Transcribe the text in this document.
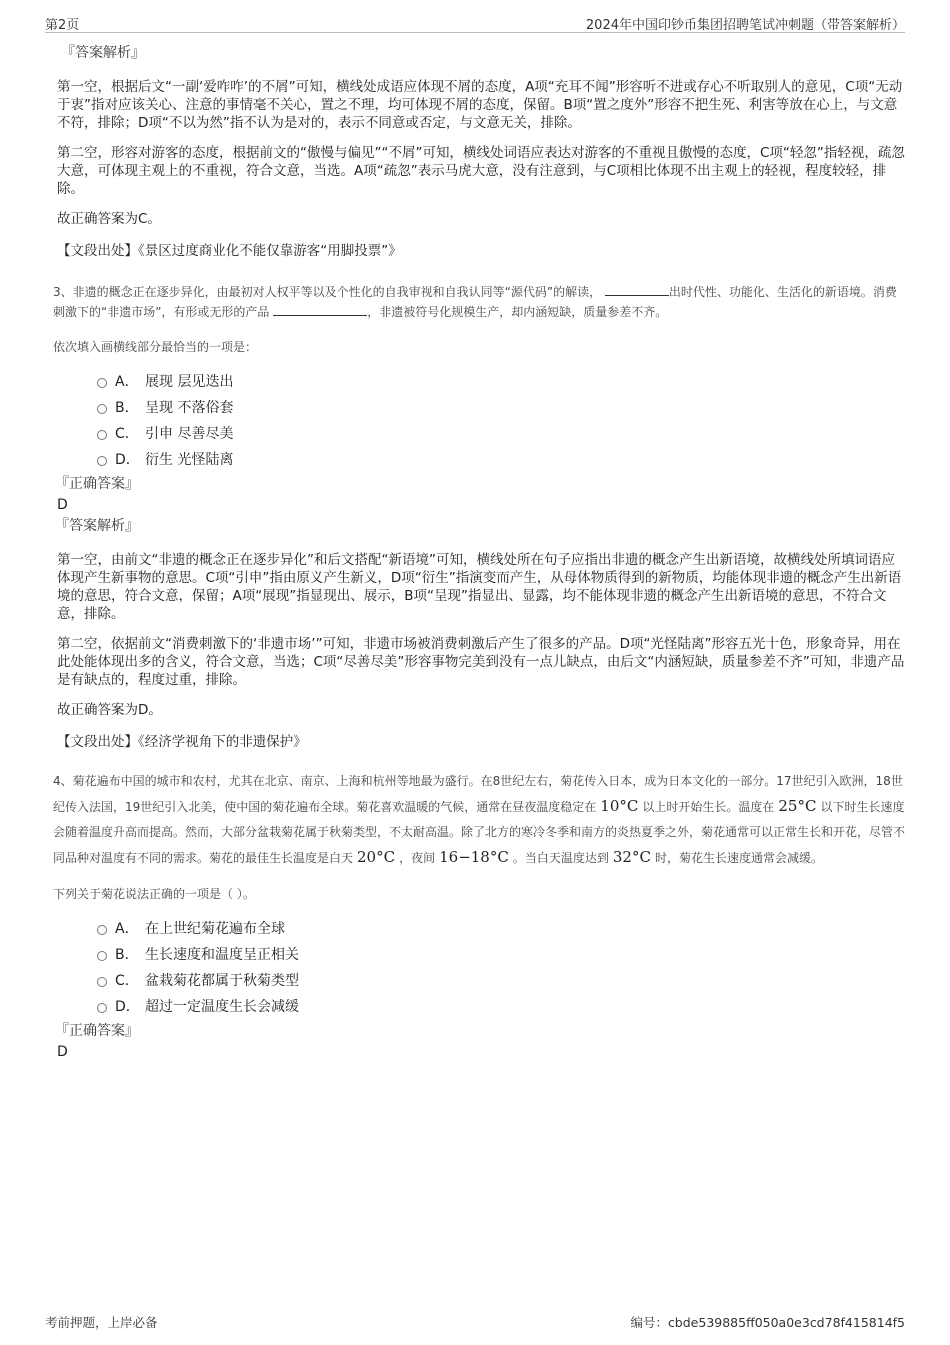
第2页	2024年中国印钞币集团招聘笔试冲刺题（带答案解析）
『答案解析』

第一空，根据后文“一副‘爱咋咋’的不屑”可知，横线处成语应体现不屑的态度，A项“充耳不闻”形容听不进或存心不听取别人的意见，C项“无动于衷”指对应该关心、注意的事情毫不关心，置之不理，均可体现不屑的态度，保留。B项“置之度外”形容不把生死、利害等放在心上，与文意不符，排除；D项“不以为然”指不认为是对的，表示不同意或否定，与文意无关，排除。

第二空，形容对游客的态度，根据前文的“傲慢与偏见”“不屑”可知，横线处词语应表达对游客的不重视且傲慢的态度，C项“轻忽”指轻视，疏忽大意，可体现主观上的不重视，符合文意，当选。A项“疏忽”表示马虎大意，没有注意到，与C项相比体现不出主观上的轻视，程度较轻，排除。

故正确答案为C。

【文段出处】《景区过度商业化不能仅靠游客“用脚投票”》

3、非遗的概念正在逐步异化，由最初对人权平等以及个性化的自我审视和自我认同等“源代码”的解读，	出时代性、功能化、生活化的新语境。消费刺激下的“非遗市场”，有形或无形的产品	，非遗被符号化规模生产，却内涵短缺，质量参差不齐。

依次填入画横线部分最恰当的一项是：

A． 展现 层见迭出
B． 呈现 不落俗套
C． 引申 尽善尽美
D． 衍生 光怪陆离
『正确答案』

D

『答案解析』

第一空，由前文“非遗的概念正在逐步异化”和后文搭配“新语境”可知，横线处所在句子应指出非遗的概念产生出新语境，故横线处所填词语应体现产生新事物的意思。C项“引申”指由原义产生新义，D项“衍生”指演变而产生，从母体物质得到的新物质，均能体现非遗的概念产生出新语境的意思，符合文意，保留；A项“展现”指显现出、展示，B项“呈现”指显出、显露，均不能体现非遗的概念产生出新语境的意思，不符合文意，排除。

第二空，依据前文“消费刺激下的‘非遗市场’”可知，非遗市场被消费刺激后产生了很多的产品。D项“光怪陆离”形容五光十色，形象奇异，用在此处能体现出多的含义，符合文意，当选；C项“尽善尽美”形容事物完美到没有一点儿缺点，由后文“内涵短缺，质量参差不齐”可知，非遗产品是有缺点的，程度过重，排除。

故正确答案为D。

【文段出处】《经济学视角下的非遗保护》

4、菊花遍布中国的城市和农村，尤其在北京、南京、上海和杭州等地最为盛行。在8世纪左右，菊花传入日本，成为日本文化的一部分。17世纪引入欧洲，18世纪传入法国，19世纪引入北美，使中国的菊花遍布全球。菊花喜欢温暖的气候，通常在昼夜温度稳定在 10°C 以上时开始生长。温度在 25°C 以下时生长速度会随着温度升高而提高。然而，大部分盆栽菊花属于秋菊类型，不太耐高温。除了北方的寒冷冬季和南方的炎热夏季之外，菊花通常可以正常生长和开花，尽管不同品种对温度有不同的需求。菊花的最佳生长温度是白天 20°C ，夜间 16−18°C 。当白天温度达到 32°C 时，菊花生长速度通常会减缓。

下列关于菊花说法正确的一项是（ ）。

A． 在上世纪菊花遍布全球
B． 生长速度和温度呈正相关
C． 盆栽菊花都属于秋菊类型
D． 超过一定温度生长会减缓
『正确答案』

D

考前押题，上岸必备	编号：cbde539885ff050a0e3cd78f415814f5
